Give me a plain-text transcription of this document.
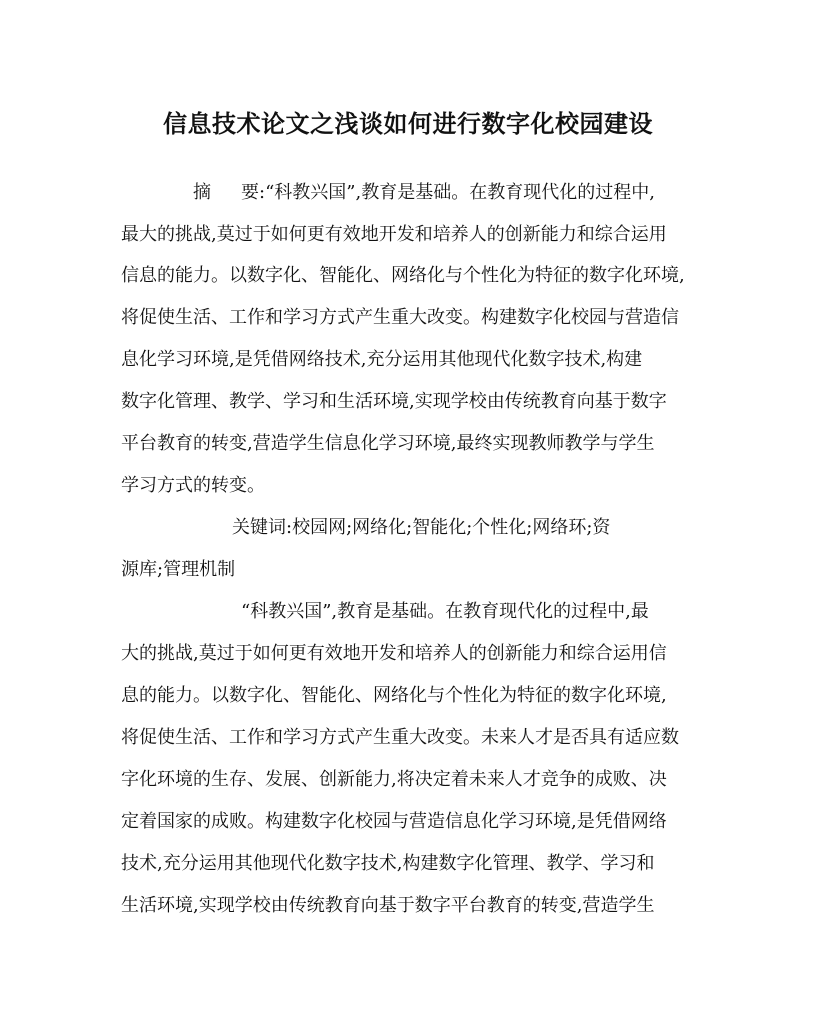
信息技术论文之浅谈如何进行数字化校园建设
摘 要:“科教兴国”,教育是基础。在教育现代化的过程中,

最大的挑战,莫过于如何更有效地开发和培养人的创新能力和综合运用

信息的能力。以数字化、智能化、网络化与个性化为特征的数字化环境,

将促使生活、工作和学习方式产生重大改变。构建数字化校园与营造信

息化学习环境,是凭借网络技术,充分运用其他现代化数字技术,构建

数字化管理、教学、学习和生活环境,实现学校由传统教育向基于数字

平台教育的转变,营造学生信息化学习环境,最终实现教师教学与学生

学习方式的转变。

关键词:校园网;网络化;智能化;个性化;网络环;资

源库;管理机制

“科教兴国”,教育是基础。在教育现代化的过程中,最

大的挑战,莫过于如何更有效地开发和培养人的创新能力和综合运用信

息的能力。以数字化、智能化、网络化与个性化为特征的数字化环境,

将促使生活、工作和学习方式产生重大改变。未来人才是否具有适应数

字化环境的生存、发展、创新能力,将决定着未来人才竞争的成败、决

定着国家的成败。构建数字化校园与营造信息化学习环境,是凭借网络

技术,充分运用其他现代化数字技术,构建数字化管理、教学、学习和

生活环境,实现学校由传统教育向基于数字平台教育的转变,营造学生
